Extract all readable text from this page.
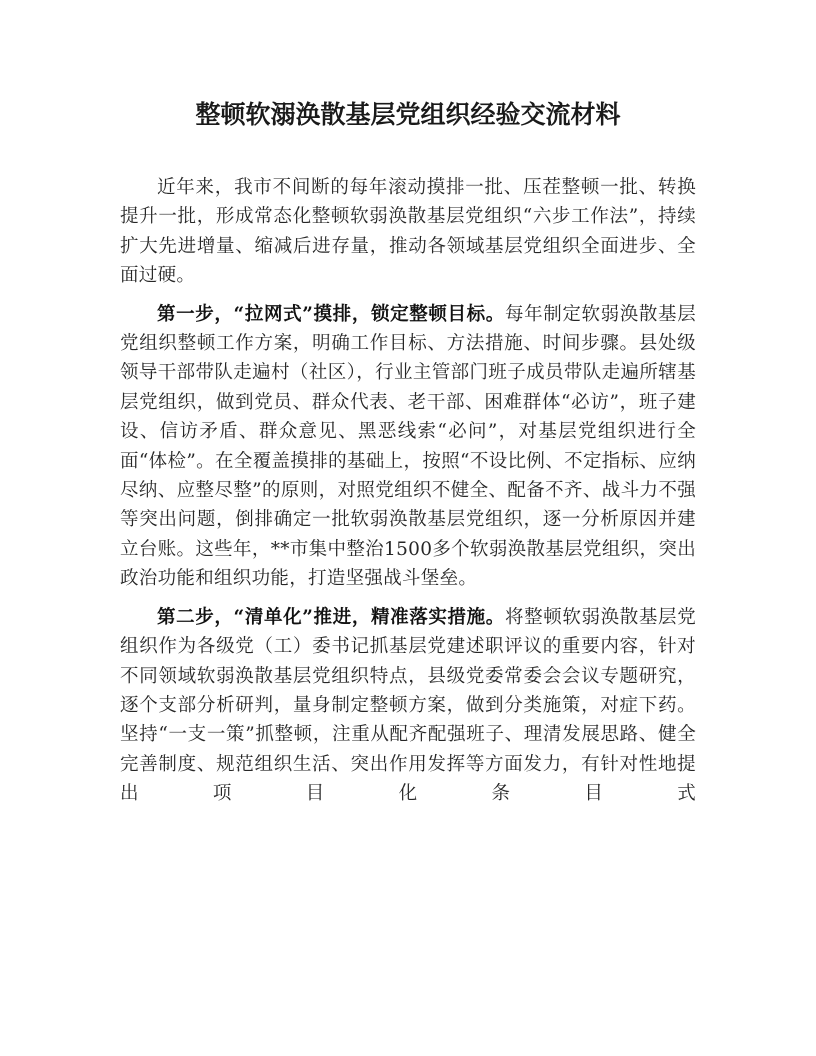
整顿软溺涣散基层党组织经验交流材料

近年来，我市不间断的每年滚动摸排一批、压茬整顿一批、转换提升一批，形成常态化整顿软弱涣散基层党组织“六步工作法”，持续扩大先进增量、缩减后进存量，推动各领域基层党组织全面进步、全面过硬。

第一步，“拉网式”摸排，锁定整顿目标。每年制定软弱涣散基层党组织整顿工作方案，明确工作目标、方法措施、时间步骤。县处级领导干部带队走遍村（社区），行业主管部门班子成员带队走遍所辖基层党组织，做到党员、群众代表、老干部、困难群体“必访”，班子建设、信访矛盾、群众意见、黑恶线索“必问”，对基层党组织进行全面“体检”。在全覆盖摸排的基础上，按照“不设比例、不定指标、应纳尽纳、应整尽整”的原则，对照党组织不健全、配备不齐、战斗力不强等突出问题，倒排确定一批软弱涣散基层党组织，逐一分析原因并建立台账。这些年，**市集中整治1500多个软弱涣散基层党组织，突出政治功能和组织功能，打造坚强战斗堡垒。

第二步，“清单化”推进，精准落实措施。将整顿软弱涣散基层党组织作为各级党（工）委书记抓基层党建述职评议的重要内容，针对不同领域软弱涣散基层党组织特点，县级党委常委会会议专题研究，逐个支部分析研判，量身制定整顿方案，做到分类施策，对症下药。坚持“一支一策”抓整顿，注重从配齐配强班子、理清发展思路、健全完善制度、规范组织生活、突出作用发挥等方面发力，有针对性地提出项目化条目式
